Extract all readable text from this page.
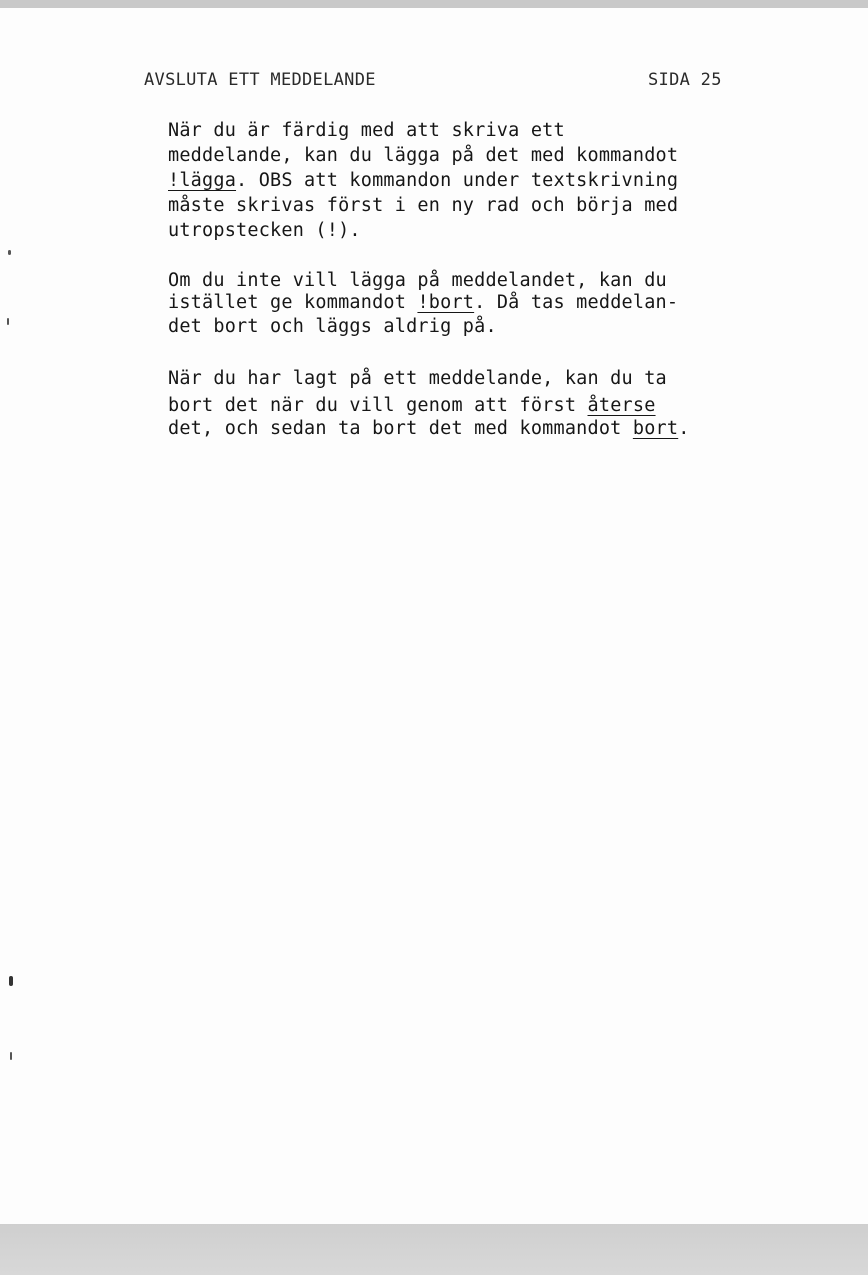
AVSLUTA ETT MEDDELANDE	SIDA 25
När du är färdig med att skriva ett
meddelande, kan du lägga på det med kommandot
!lägga. OBS att kommandon under textskrivning
måste skrivas först i en ny rad och börja med
utropstecken (!).
Om du inte vill lägga på meddelandet, kan du
istället ge kommandot !bort. Då tas meddelan-
det bort och läggs aldrig på.
När du har lagt på ett meddelande, kan du ta
bort det när du vill genom att först återse
det, och sedan ta bort det med kommandot bort.
